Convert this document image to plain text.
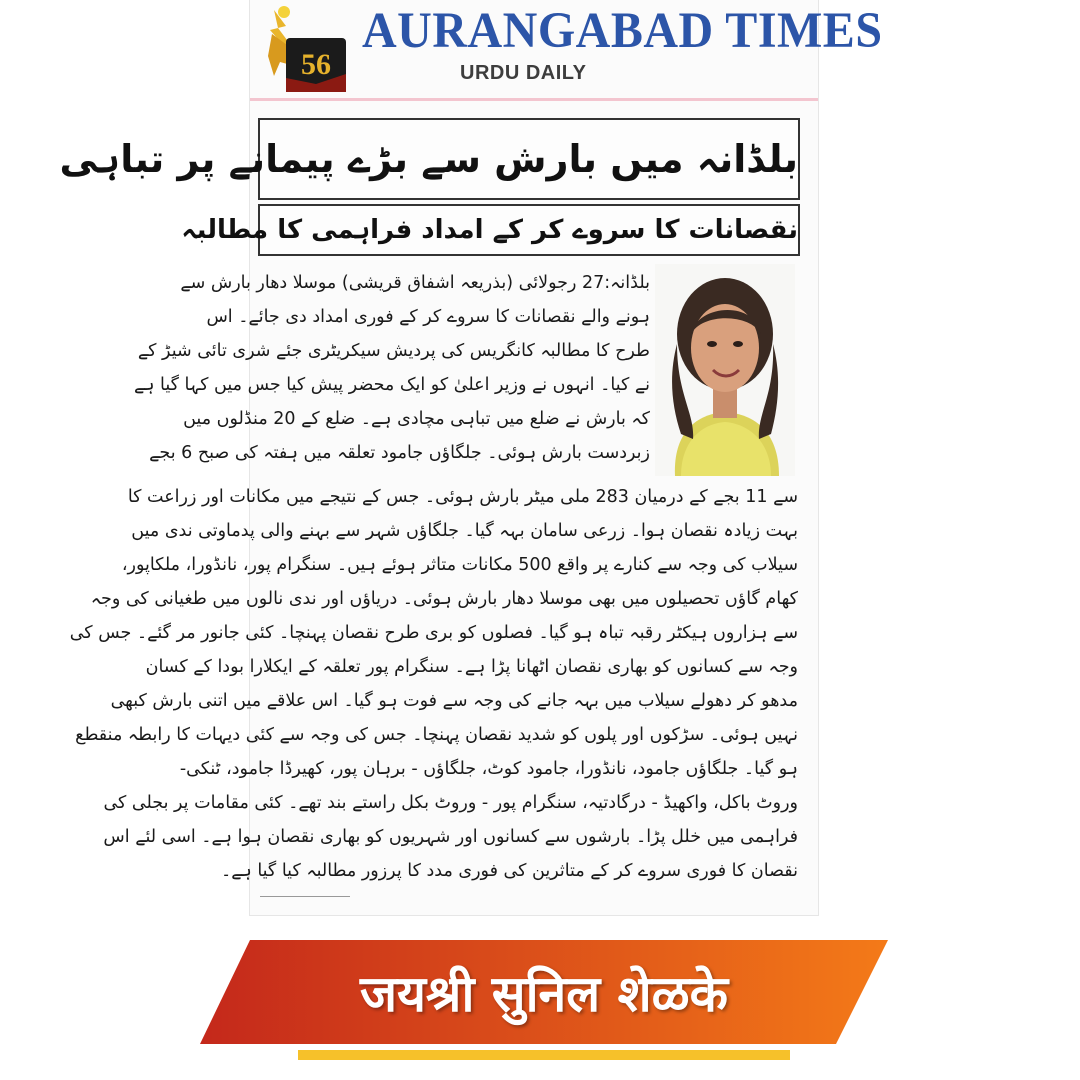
56
AURANGABAD TIMES
URDU DAILY
بلڈانہ میں بارش سے بڑے پیمانے پر تباہی
نقصانات کا سروے کر کے امداد فراہمی کا مطالبہ
بلڈانہ:27 رجولائی (بذریعہ اشفاق قریشی) موسلا دھار بارش سے
ہونے والے نقصانات کا سروے کر کے فوری امداد دی جائے۔ اس
طرح کا مطالبہ کانگریس کی پردیش سیکریٹری جئے شری تائی شیڑ کے
نے کیا۔ انہوں نے وزیر اعلیٰ کو ایک محضر پیش کیا جس میں کہا گیا ہے
کہ بارش نے ضلع میں تباہی مچادی ہے۔ ضلع کے 20 منڈلوں میں
زبردست بارش ہوئی۔ جلگاؤں جامود تعلقہ میں ہفتہ کی صبح 6 بجے
سے 11 بجے کے درمیان 283 ملی میٹر بارش ہوئی۔ جس کے نتیجے میں مکانات اور زراعت کا
بہت زیادہ نقصان ہوا۔ زرعی سامان بہہ گیا۔ جلگاؤں شہر سے بہنے والی پدماوتی ندی میں
سیلاب کی وجہ سے کنارے پر واقع 500 مکانات متاثر ہوئے ہیں۔ سنگرام پور، نانڈورا، ملکاپور،
کھام گاؤں تحصیلوں میں بھی موسلا دھار بارش ہوئی۔ دریاؤں اور ندی نالوں میں طغیانی کی وجہ
سے ہزاروں ہیکٹر رقبہ تباہ ہو گیا۔ فصلوں کو بری طرح نقصان پہنچا۔ کئی جانور مر گئے۔ جس کی
وجہ سے کسانوں کو بھاری نقصان اٹھانا پڑا ہے۔ سنگرام پور تعلقہ کے ایکلارا بودا کے کسان
مدھو کر دھولے سیلاب میں بہہ جانے کی وجہ سے فوت ہو گیا۔ اس علاقے میں اتنی بارش کبھی
نہیں ہوئی۔ سڑکوں اور پلوں کو شدید نقصان پہنچا۔ جس کی وجہ سے کئی دیہات کا رابطہ منقطع
ہو گیا۔ جلگاؤں جامود، نانڈورا، جامود کوٹ، جلگاؤں - برہان پور، کھیرڈا جامود، ٹنکی-
وروٹ باکل، واکھیڈ - درگادتیہ، سنگرام پور - وروٹ بکل راستے بند تھے۔ کئی مقامات پر بجلی کی
فراہمی میں خلل پڑا۔ بارشوں سے کسانوں اور شہریوں کو بھاری نقصان ہوا ہے۔ اسی لئے اس
نقصان کا فوری سروے کر کے متاثرین کی فوری مدد کا پرزور مطالبہ کیا گیا ہے۔
जयश्री सुनिल शेळके
